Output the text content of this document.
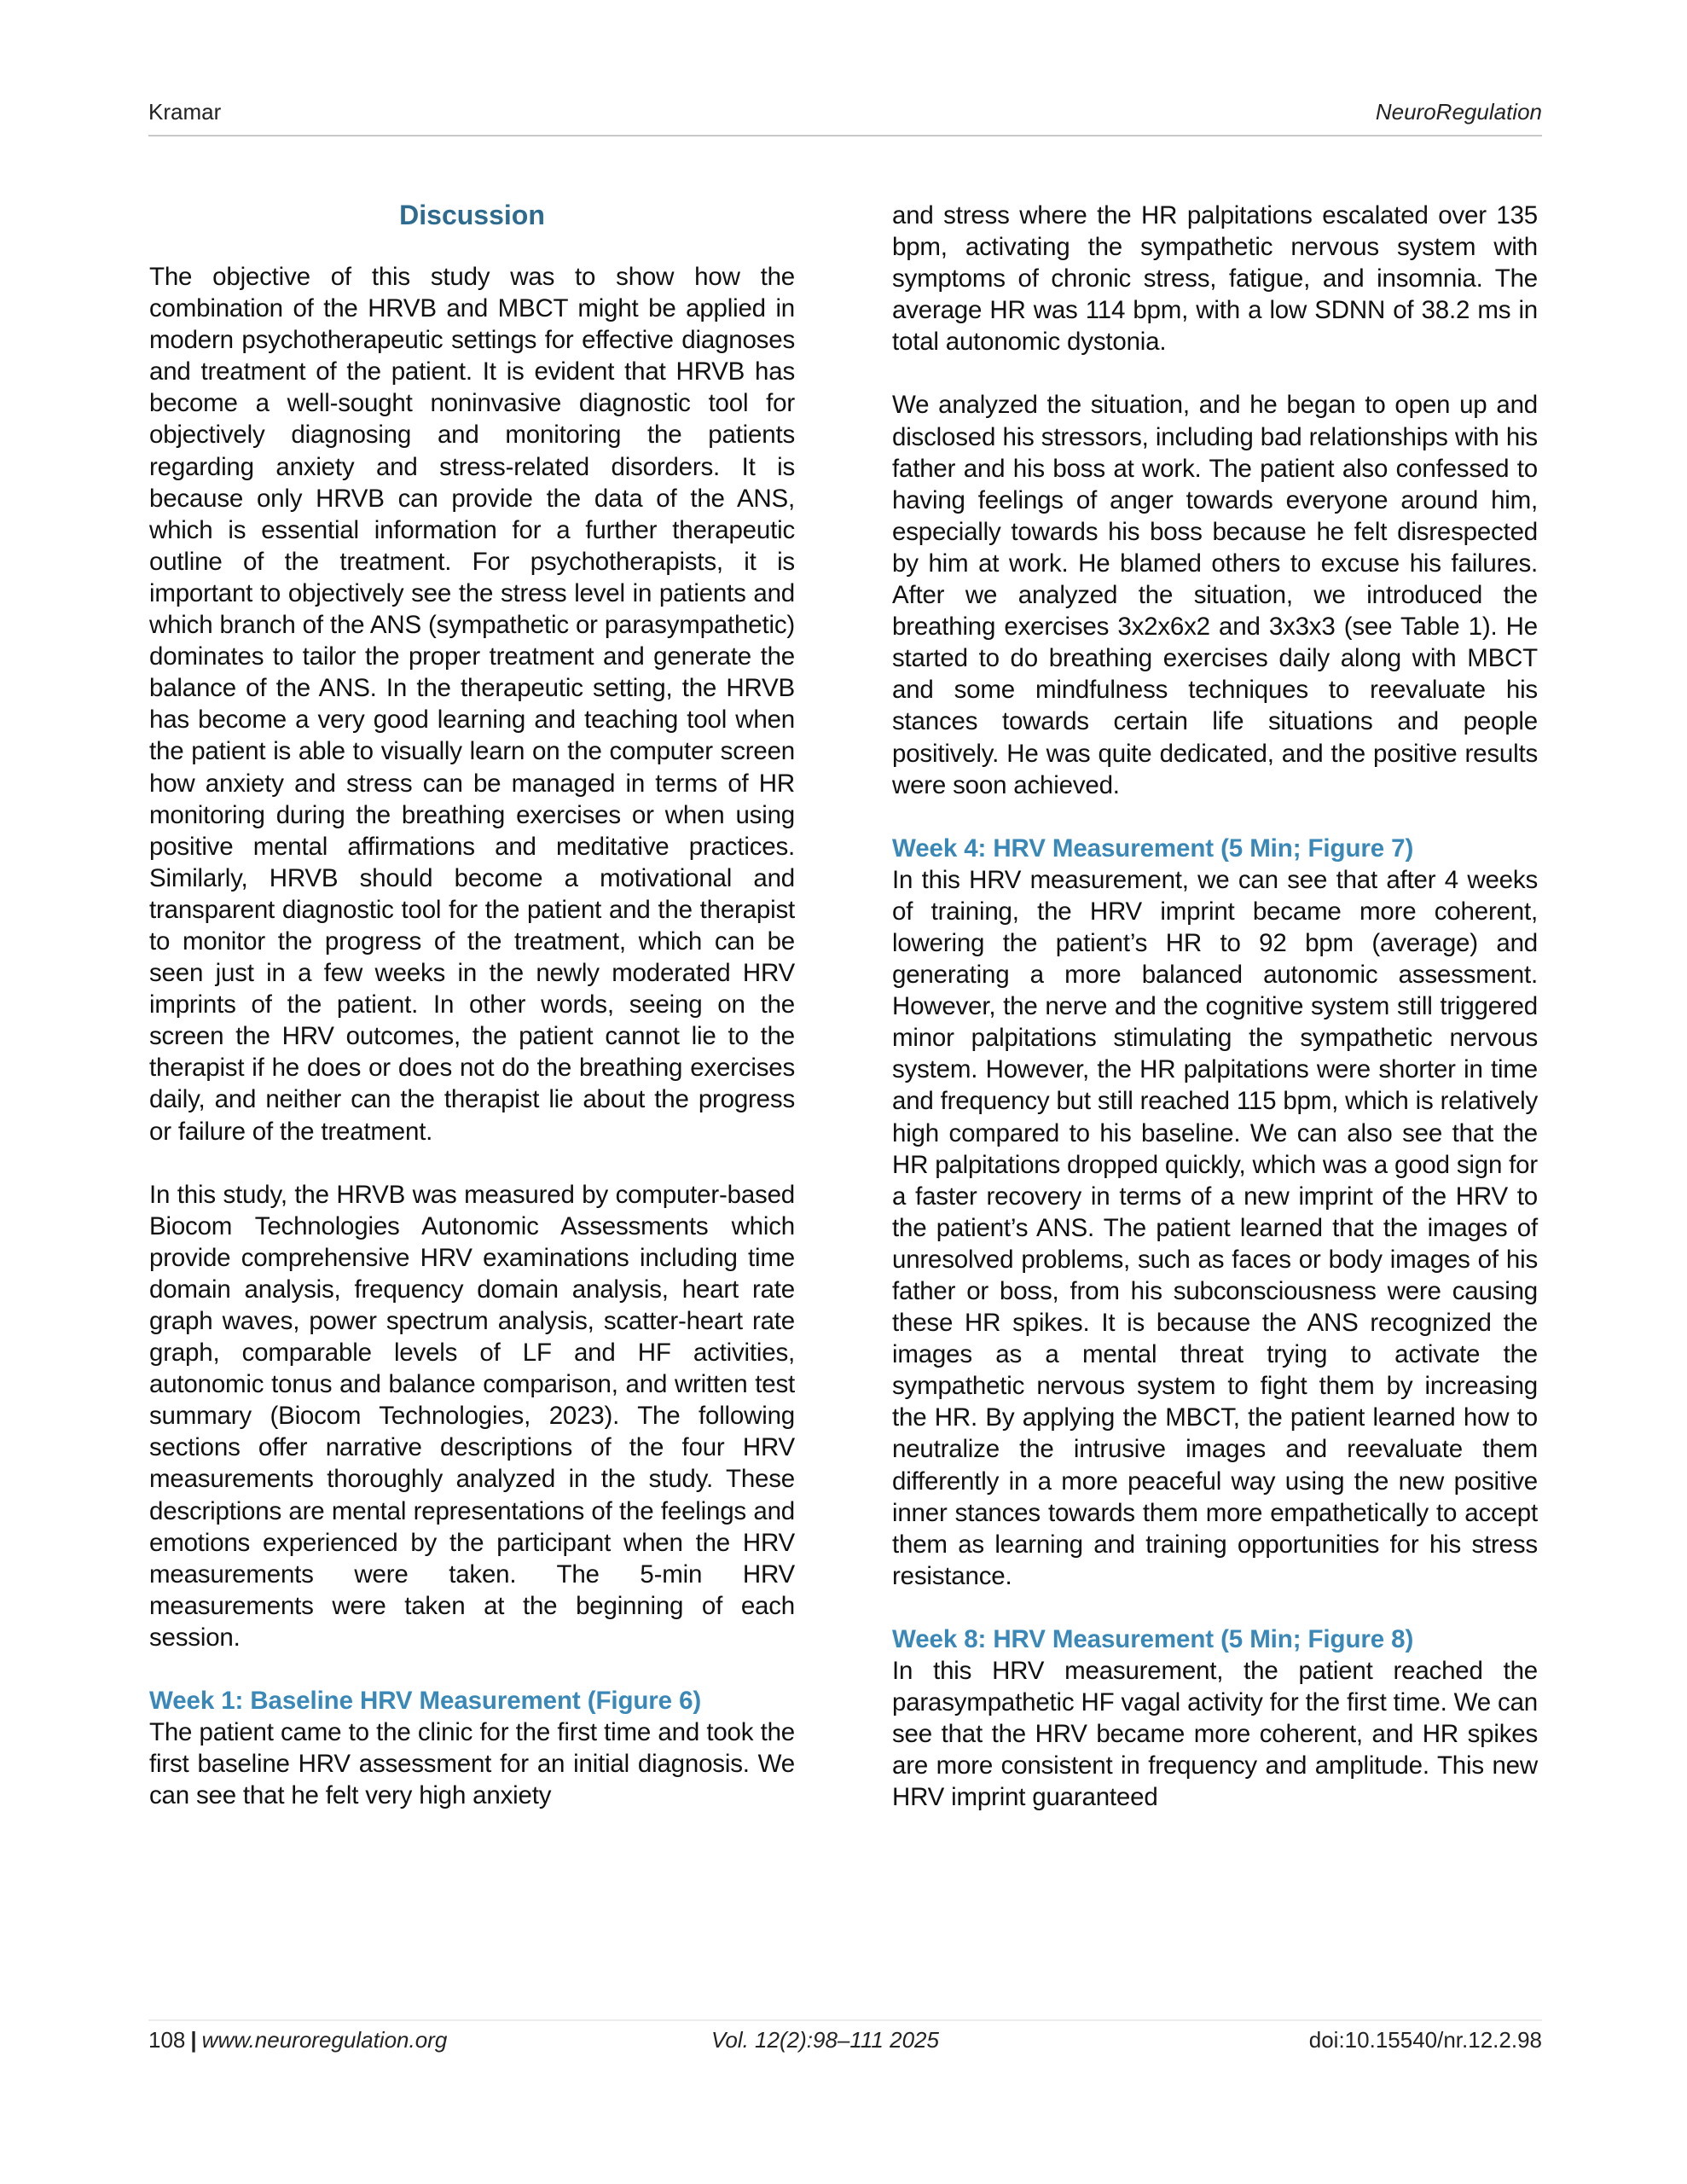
Kramar	NeuroRegulation
Discussion

The objective of this study was to show how the combination of the HRVB and MBCT might be applied in modern psychotherapeutic settings for effective diagnoses and treatment of the patient. It is evident that HRVB has become a well-sought noninvasive diagnostic tool for objectively diagnosing and monitoring the patients regarding anxiety and stress-related disorders. It is because only HRVB can provide the data of the ANS, which is essential information for a further therapeutic outline of the treatment. For psychotherapists, it is important to objectively see the stress level in patients and which branch of the ANS (sympathetic or parasympathetic) dominates to tailor the proper treatment and generate the balance of the ANS. In the therapeutic setting, the HRVB has become a very good learning and teaching tool when the patient is able to visually learn on the computer screen how anxiety and stress can be managed in terms of HR monitoring during the breathing exercises or when using positive mental affirmations and meditative practices. Similarly, HRVB should become a motivational and transparent diagnostic tool for the patient and the therapist to monitor the progress of the treatment, which can be seen just in a few weeks in the newly moderated HRV imprints of the patient. In other words, seeing on the screen the HRV outcomes, the patient cannot lie to the therapist if he does or does not do the breathing exercises daily, and neither can the therapist lie about the progress or failure of the treatment.

In this study, the HRVB was measured by computer-based Biocom Technologies Autonomic Assessments which provide comprehensive HRV examinations including time domain analysis, frequency domain analysis, heart rate graph waves, power spectrum analysis, scatter-heart rate graph, comparable levels of LF and HF activities, autonomic tonus and balance comparison, and written test summary (Biocom Technologies, 2023). The following sections offer narrative descriptions of the four HRV measurements thoroughly analyzed in the study. These descriptions are mental representations of the feelings and emotions experienced by the participant when the HRV measurements were taken. The 5-min HRV measurements were taken at the beginning of each session.

Week 1: Baseline HRV Measurement (Figure 6)

The patient came to the clinic for the first time and took the first baseline HRV assessment for an initial diagnosis. We can see that he felt very high anxiety

and stress where the HR palpitations escalated over 135 bpm, activating the sympathetic nervous system with symptoms of chronic stress, fatigue, and insomnia. The average HR was 114 bpm, with a low SDNN of 38.2 ms in total autonomic dystonia.

We analyzed the situation, and he began to open up and disclosed his stressors, including bad relationships with his father and his boss at work. The patient also confessed to having feelings of anger towards everyone around him, especially towards his boss because he felt disrespected by him at work. He blamed others to excuse his failures. After we analyzed the situation, we introduced the breathing exercises 3x2x6x2 and 3x3x3 (see Table 1). He started to do breathing exercises daily along with MBCT and some mindfulness techniques to reevaluate his stances towards certain life situations and people positively. He was quite dedicated, and the positive results were soon achieved.

Week 4: HRV Measurement (5 Min; Figure 7)

In this HRV measurement, we can see that after 4 weeks of training, the HRV imprint became more coherent, lowering the patient’s HR to 92 bpm (average) and generating a more balanced autonomic assessment. However, the nerve and the cognitive system still triggered minor palpitations stimulating the sympathetic nervous system. However, the HR palpitations were shorter in time and frequency but still reached 115 bpm, which is relatively high compared to his baseline. We can also see that the HR palpitations dropped quickly, which was a good sign for a faster recovery in terms of a new imprint of the HRV to the patient’s ANS. The patient learned that the images of unresolved problems, such as faces or body images of his father or boss, from his subconsciousness were causing these HR spikes. It is because the ANS recognized the images as a mental threat trying to activate the sympathetic nervous system to fight them by increasing the HR. By applying the MBCT, the patient learned how to neutralize the intrusive images and reevaluate them differently in a more peaceful way using the new positive inner stances towards them more empathetically to accept them as learning and training opportunities for his stress resistance.

Week 8: HRV Measurement (5 Min; Figure 8)

In this HRV measurement, the patient reached the parasympathetic HF vagal activity for the first time. We can see that the HRV became more coherent, and HR spikes are more consistent in frequency and amplitude. This new HRV imprint guaranteed

108 | www.neuroregulation.org	Vol. 12(2):98–111 2025	doi:10.15540/nr.12.2.98
